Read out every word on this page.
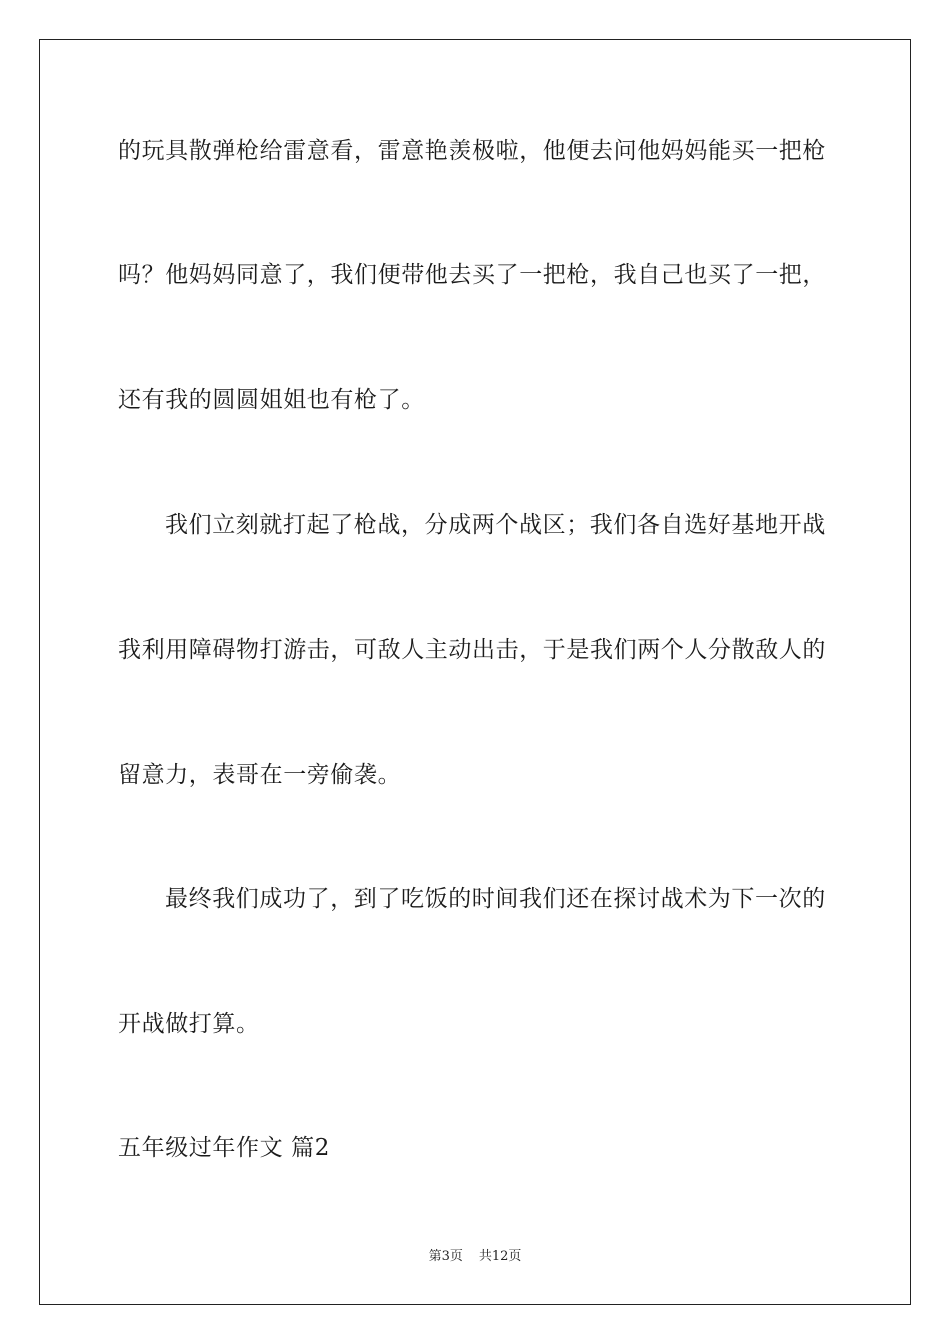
的玩具散弹枪给雷意看，雷意艳羡极啦，他便去问他妈妈能买一把枪
吗？他妈妈同意了，我们便带他去买了一把枪，我自己也买了一把，
还有我的圆圆姐姐也有枪了。
我们立刻就打起了枪战，分成两个战区；我们各自选好基地开战
我利用障碍物打游击，可敌人主动出击，于是我们两个人分散敌人的
留意力，表哥在一旁偷袭。
最终我们成功了，到了吃饭的时间我们还在探讨战术为下一次的
开战做打算。
五年级过年作文 篇2
第3页 共12页
